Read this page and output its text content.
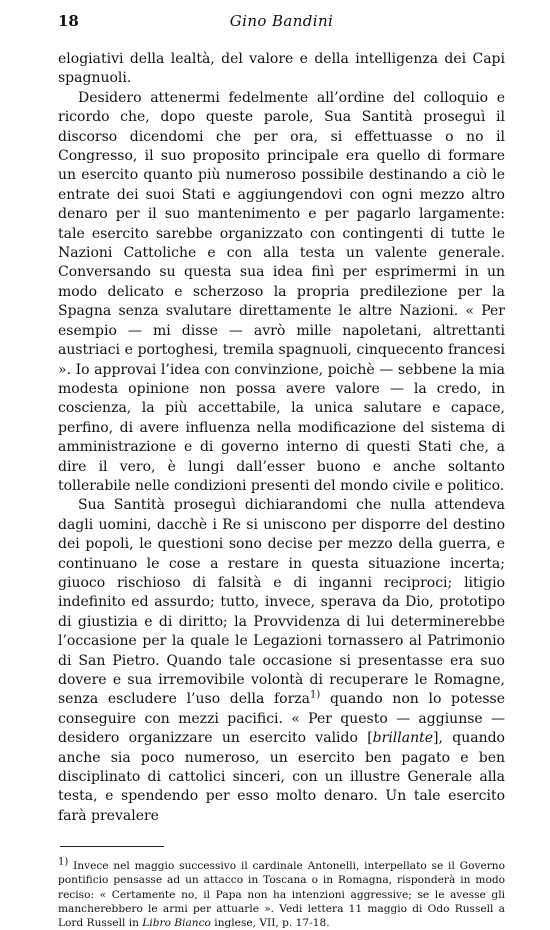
18	Gino Bandini

elogiativi della lealtà, del valore e della intelligenza dei Capi spagnuoli.

Desidero attenermi fedelmente all’ordine del colloquio e ricordo che, dopo queste parole, Sua Santità proseguì il discorso dicendomi che per ora, si effettuasse o no il Congresso, il suo proposito principale era quello di formare un esercito quanto più numeroso possibile destinando a ciò le entrate dei suoi Stati e aggiungendovi con ogni mezzo altro denaro per il suo mantenimento e per pagarlo largamente: tale esercito sarebbe organizzato con contingenti di tutte le Nazioni Cattoliche e con alla testa un valente generale. Conversando su questa sua idea finì per esprimermi in un modo delicato e scherzoso la propria predilezione per la Spagna senza svalutare direttamente le altre Nazioni. « Per esempio — mi disse — avrò mille napoletani, altrettanti austriaci e portoghesi, tremila spagnuoli, cinquecento francesi ». Io approvai l’idea con convinzione, poichè — sebbene la mia modesta opinione non possa avere valore — la credo, in coscienza, la più accettabile, la unica salutare e capace, perfino, di avere influenza nella modificazione del sistema di amministrazione e di governo interno di questi Stati che, a dire il vero, è lungi dall’esser buono e anche soltanto tollerabile nelle condizioni presenti del mondo civile e politico.

Sua Santità proseguì dichiarandomi che nulla attendeva dagli uomini, dacchè i Re si uniscono per disporre del destino dei popoli, le questioni sono decise per mezzo della guerra, e continuano le cose a restare in questa situazione incerta; giuoco rischioso di falsità e di inganni reciproci; litigio indefinito ed assurdo; tutto, invece, sperava da Dio, prototipo di giustizia e di diritto; la Provvidenza di lui determinerebbe l’occasione per la quale le Legazioni tornassero al Patrimonio di San Pietro. Quando tale occasione si presentasse era suo dovere e sua irremovibile volontà di recuperare le Romagne, senza escludere l’uso della forza$^{1)}$ quando non lo potesse conseguire con mezzi pacifici. « Per questo — aggiunse — desidero organizzare un esercito valido [brillante], quando anche sia poco numeroso, un esercito ben pagato e ben disciplinato di cattolici sinceri, con un illustre Generale alla testa, e spendendo per esso molto denaro. Un tale esercito farà prevalere

$^{1)}$ Invece nel maggio successivo il cardinale Antonelli, interpellato se il Governo pontificio pensasse ad un attacco in Toscana o in Romagna, risponderà in modo reciso: « Certamente no, il Papa non ha intenzioni aggressive; se le avesse gli mancherebbero le armi per attuarle ». Vedi lettera 11 maggio di Odo Russell a Lord Russell in Libro Bianco inglese, VII, p. 17-18.
